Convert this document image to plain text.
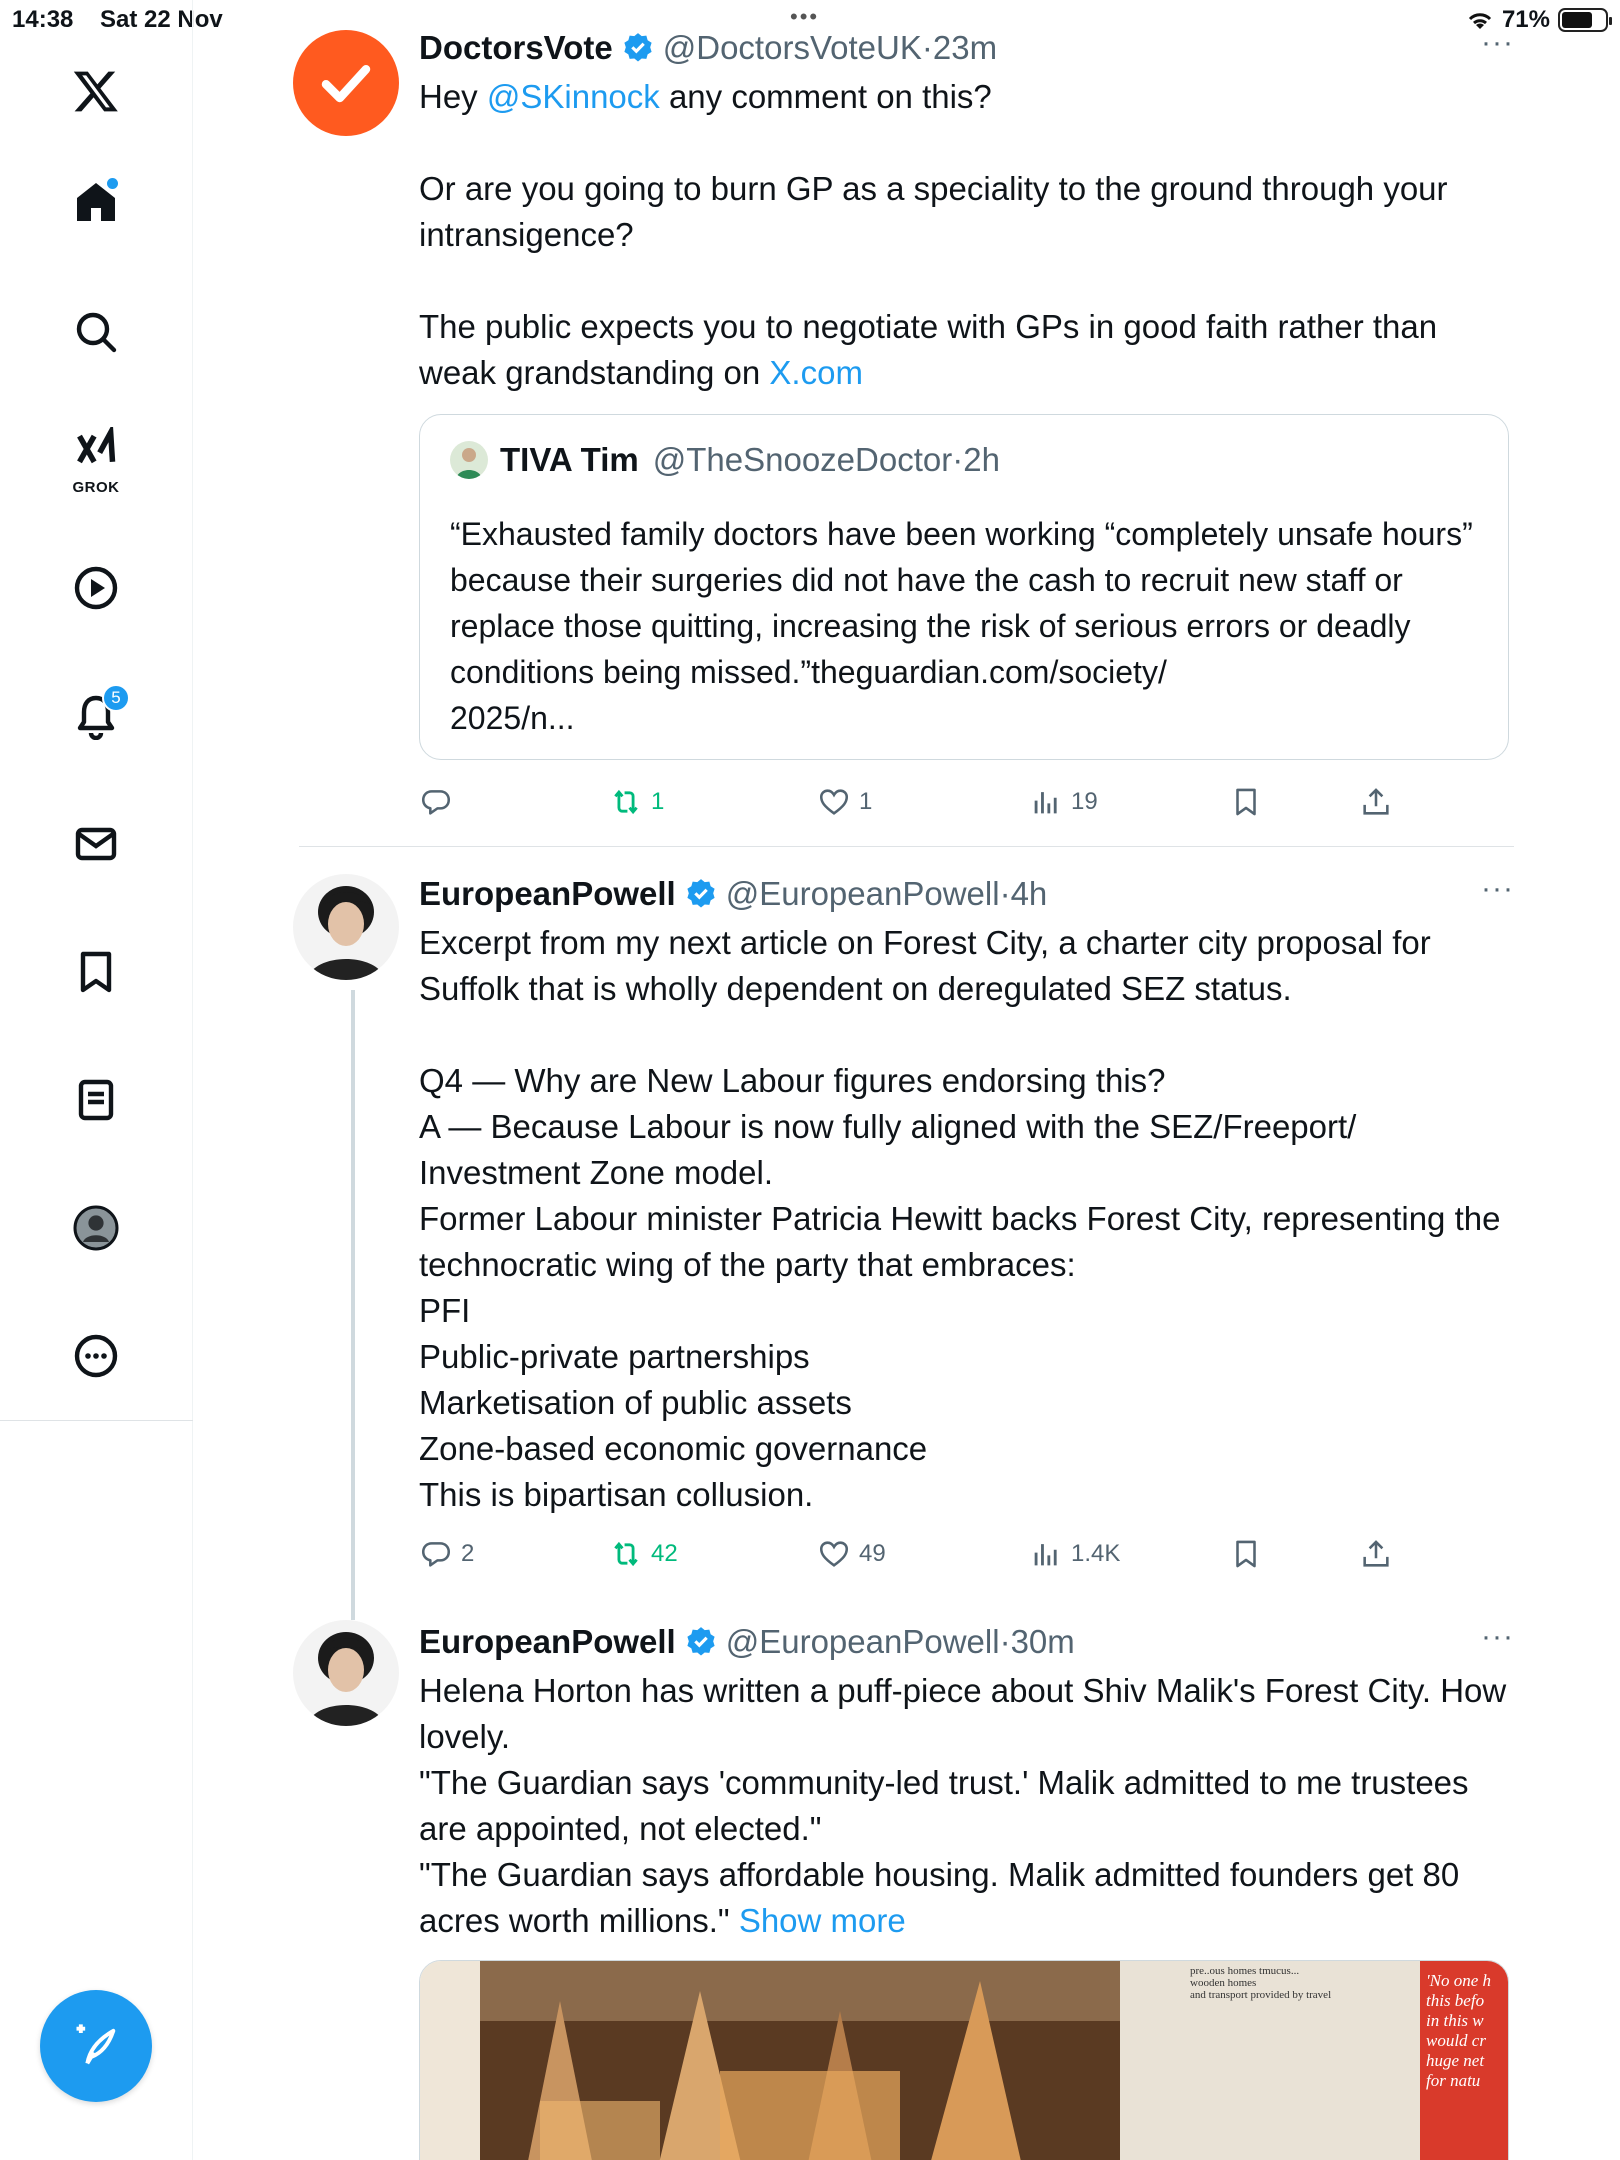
14:38 Sat 22 Nov	•••	71%
GROK
5
DoctorsVote @DoctorsVoteUK · 23m	···
Hey @SKinnock any comment on this?

Or are you going to burn GP as a speciality to the ground through your intransigence?

The public expects you to negotiate with GPs in good faith rather than weak grandstanding on X.com
TIVA Tim @TheSnoozeDoctor · 2h
“Exhausted family doctors have been working “completely unsafe hours” because their surgeries did not have the cash to recruit new staff or replace those quitting, increasing the risk of serious errors or deadly conditions being missed.”theguardian.com/society/
2025/n...
1	1	19
EuropeanPowell @EuropeanPowell · 4h	···
Excerpt from my next article on Forest City, a charter city proposal for Suffolk that is wholly dependent on deregulated SEZ status.

Q4 — Why are New Labour figures endorsing this?
A — Because Labour is now fully aligned with the SEZ/Freeport/
Investment Zone model.
Former Labour minister Patricia Hewitt backs Forest City, representing the technocratic wing of the party that embraces:
PFI
Public-private partnerships
Marketisation of public assets
Zone-based economic governance
This is bipartisan collusion.
2	42	49	1.4K
EuropeanPowell @EuropeanPowell · 30m	···
Helena Horton has written a puff-piece about Shiv Malik's Forest City. How lovely.
"The Guardian says 'community-led trust.' Malik admitted to me trustees are appointed, not elected."
"The Guardian says affordable housing. Malik admitted founders get 80 acres worth millions." Show more
pre..ous homes tmucus...
wooden homes
and transport provided by travel
'No one h
this befo
in this w
would cr
huge net
for natu
